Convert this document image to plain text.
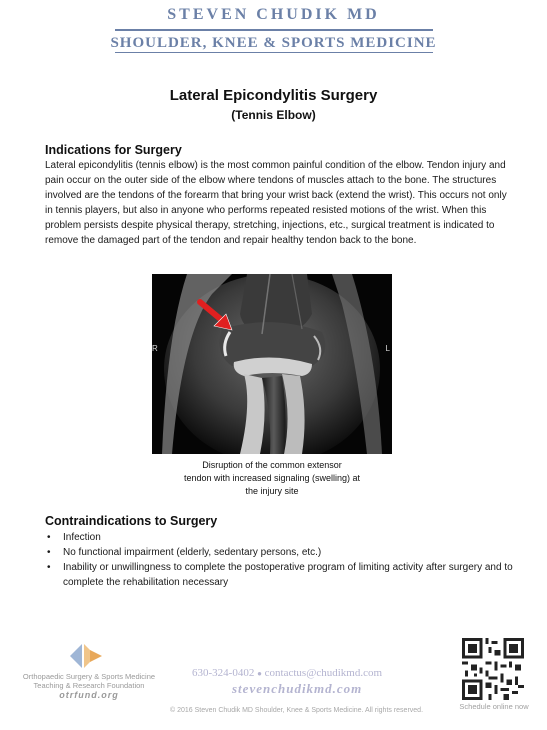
STEVEN CHUDIK MD
SHOULDER, KNEE & SPORTS MEDICINE
Lateral Epicondylitis Surgery
(Tennis Elbow)
Indications for Surgery
Lateral epicondylitis (tennis elbow) is the most common painful condition of the elbow. Tendon injury and pain occur on the outer side of the elbow where tendons of muscles attach to the bone. The structures involved are the tendons of the forearm that bring your wrist back (extend the wrist). This occurs not only in tennis players, but also in anyone who performs repeated resisted motions of the wrist. When this problem persists despite physical therapy, stretching, injections, etc., surgical treatment is indicated to remove the damaged part of the tendon and repair healthy tendon back to the bone.
R	L
Disruption of the common extensor
tendon with increased signaling (swelling) at
the injury site
Contraindications to Surgery
• Infection
• No functional impairment (elderly, sedentary persons, etc.)
• Inability or unwillingness to complete the postoperative program of limiting activity after surgery and to complete the rehabilitation necessary
Orthopaedic Surgery & Sports Medicine
Teaching & Research Foundation
otrfund.org
630-324-0402 ● contactus@chudikmd.com
stevenchudikmd.com
© 2016 Steven Chudik MD Shoulder, Knee & Sports Medicine. All rights reserved.	Schedule online now
